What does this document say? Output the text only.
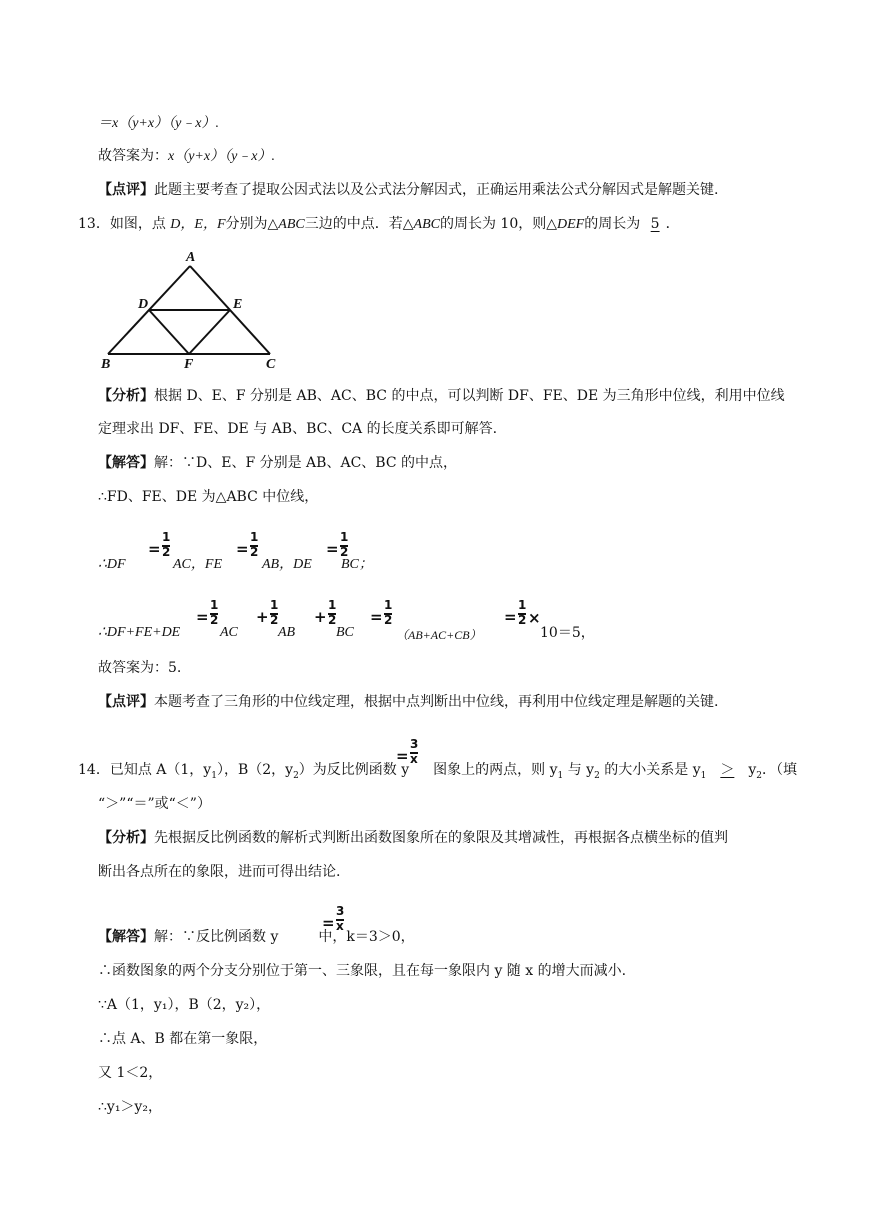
＝x（y+x）（y﹣x）.
故答案为：x（y+x）（y﹣x）.
【点评】此题主要考查了提取公因式法以及公式法分解因式，正确运用乘法公式分解因式是解题关键.
13．如图，点 D，E，F分别为△ABC三边的中点．若△ABC的周长为 10，则△DEF的周长为 5 ．
A
D	E
B	F	C
【分析】根据 D、E、F 分别是 AB、AC、BC 的中点，可以判断 DF、FE、DE 为三角形中位线，利用中位线
定理求出 DF、FE、DE 与 AB、BC、CA 的长度关系即可解答.
【解答】解：∵D、E、F 分别是 AB、AC、BC 的中点，
∴FD、FE、DE 为△ABC 中位线，
∴DF
=
1
2
AC，FE
=
1
2
AB，DE
=
1
2
BC；
∴DF+FE+DE
=
1
2
AC
+
1
2
AB
+
1
2
BC
=
1
2
（AB+AC+CB）
=
1
2 ×
10＝5，
故答案为：5.
【点评】本题考查了三角形的中位线定理，根据中点判断出中位线，再利用中位线定理是解题的关键.
=
3
x
14．已知点 A（1，$y_1$），B（2，$y_2$）为反比例函数 y 图象上的两点，则 $y_1$ 与 $y_2$ 的大小关系是 $y_1 > y_2$．（填
“＞”“＝”或“＜”）
【分析】先根据反比例函数的解析式判断出函数图象所在的象限及其增减性，再根据各点横坐标的值判
断出各点所在的象限，进而可得出结论.
=
3
x
【解答】解：∵反比例函数 y	中，k＝3＞0，
∴函数图象的两个分支分别位于第一、三象限，且在每一象限内 y 随 x 的增大而减小.
∵A（1，y₁），B（2，y₂），
∴点 A、B 都在第一象限，
又 1＜2，
∴y₁＞y₂，
